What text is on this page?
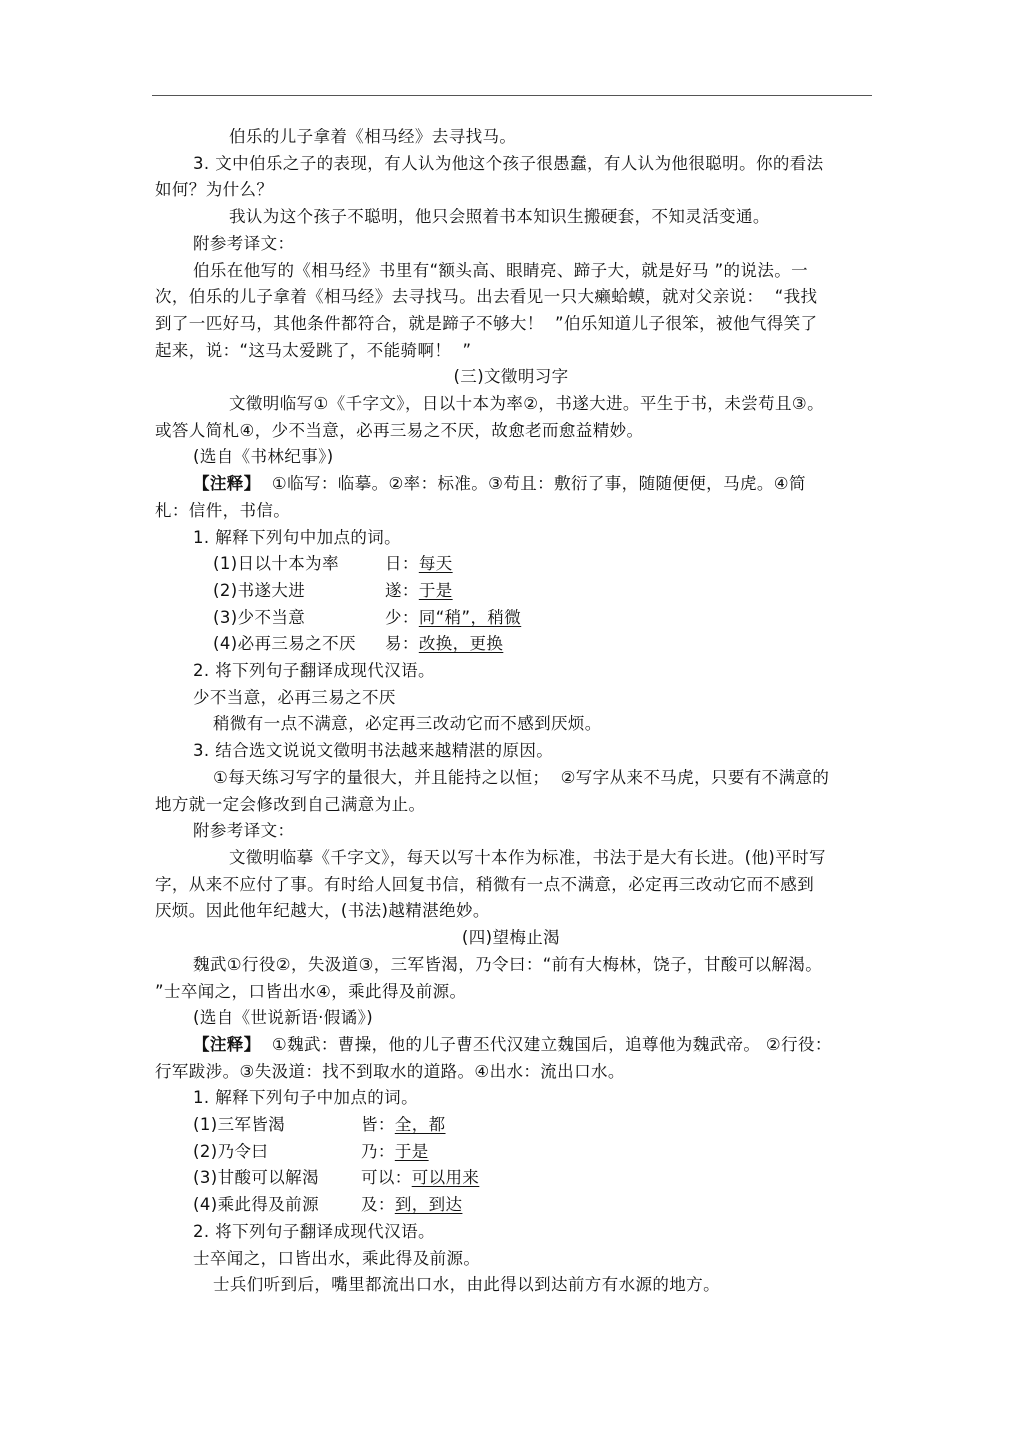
伯乐的儿子拿着《相马经》去寻找马。

3. 文中伯乐之子的表现，有人认为他这个孩子很愚蠢，有人认为他很聪明。你的看法

如何？为什么？

我认为这个孩子不聪明，他只会照着书本知识生搬硬套，不知灵活变通。

附参考译文：

伯乐在他写的《相马经》书里有“额头高、眼睛亮、蹄子大，就是好马 ”的说法。一

次，伯乐的儿子拿着《相马经》去寻找马。出去看见一只大癞蛤蟆，就对父亲说：  “我找

到了一匹好马，其他条件都符合，就是蹄子不够大！  ”伯乐知道儿子很笨，被他气得笑了

起来，说：“这马太爱跳了，不能骑啊！  ”

(三)文徵明习字

文徵明临写①《千字文》，日以十本为率②，书遂大进。平生于书，未尝苟且③。

或答人简札④，少不当意，必再三易之不厌，故愈老而愈益精妙。

(选自《书林纪事》)

【注释】  ①临写：临摹。②率：标准。③苟且：敷衍了事，随随便便，马虎。④简

札：信件，书信。

1. 解释下列句中加点的词。

(1)日以十本为率	日： 每天
(2)书遂大进	遂： 于是
(3)少不当意	少： 同“稍”，稍微
(4)必再三易之不厌	易： 改换，更换

2. 将下列句子翻译成现代汉语。

少不当意，必再三易之不厌

稍微有一点不满意，必定再三改动它而不感到厌烦。

3. 结合选文说说文徵明书法越来越精湛的原因。

①每天练习写字的量很大，并且能持之以恒；  ②写字从来不马虎，只要有不满意的

地方就一定会修改到自己满意为止。

附参考译文：

文徵明临摹《千字文》，每天以写十本作为标准，书法于是大有长进。(他)平时写

字，从来不应付了事。有时给人回复书信，稍微有一点不满意，必定再三改动它而不感到

厌烦。因此他年纪越大，(书法)越精湛绝妙。

(四)望梅止渴

魏武①行役②，失汲道③，三军皆渴，乃令曰：“前有大梅林，饶子，甘酸可以解渴。

”士卒闻之，口皆出水④，乘此得及前源。

(选自《世说新语·假谲》)

【注释】  ①魏武：曹操，他的儿子曹丕代汉建立魏国后，追尊他为魏武帝。 ②行役：

行军跋涉。③失汲道：找不到取水的道路。④出水：流出口水。

1. 解释下列句子中加点的词。

(1)三军皆渴	皆： 全，都
(2)乃令曰	乃： 于是
(3)甘酸可以解渴	可以： 可以用来
(4)乘此得及前源	及： 到，到达

2. 将下列句子翻译成现代汉语。

士卒闻之，口皆出水，乘此得及前源。

士兵们听到后，嘴里都流出口水，由此得以到达前方有水源的地方。
